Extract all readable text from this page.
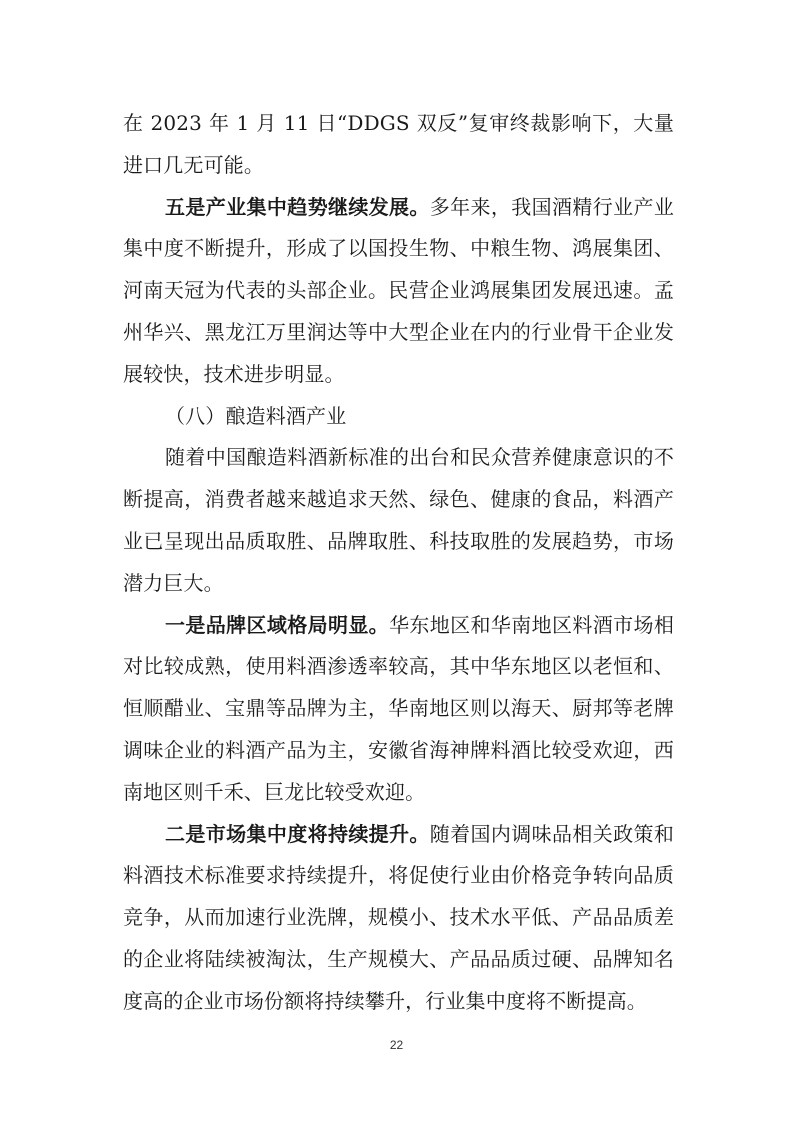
在 2023 年 1 月 11 日“DDGS 双反”复审终裁影响下，大量进口几无可能。

五是产业集中趋势继续发展。多年来，我国酒精行业产业集中度不断提升，形成了以国投生物、中粮生物、鸿展集团、河南天冠为代表的头部企业。民营企业鸿展集团发展迅速。孟州华兴、黑龙江万里润达等中大型企业在内的行业骨干企业发展较快，技术进步明显。

（八）酿造料酒产业

随着中国酿造料酒新标准的出台和民众营养健康意识的不断提高，消费者越来越追求天然、绿色、健康的食品，料酒产业已呈现出品质取胜、品牌取胜、科技取胜的发展趋势，市场潜力巨大。

一是品牌区域格局明显。华东地区和华南地区料酒市场相对比较成熟，使用料酒渗透率较高，其中华东地区以老恒和、恒顺醋业、宝鼎等品牌为主，华南地区则以海天、厨邦等老牌调味企业的料酒产品为主，安徽省海神牌料酒比较受欢迎，西南地区则千禾、巨龙比较受欢迎。

二是市场集中度将持续提升。随着国内调味品相关政策和料酒技术标准要求持续提升，将促使行业由价格竞争转向品质竞争，从而加速行业洗牌，规模小、技术水平低、产品品质差的企业将陆续被淘汰，生产规模大、产品品质过硬、品牌知名度高的企业市场份额将持续攀升，行业集中度将不断提高。

22
